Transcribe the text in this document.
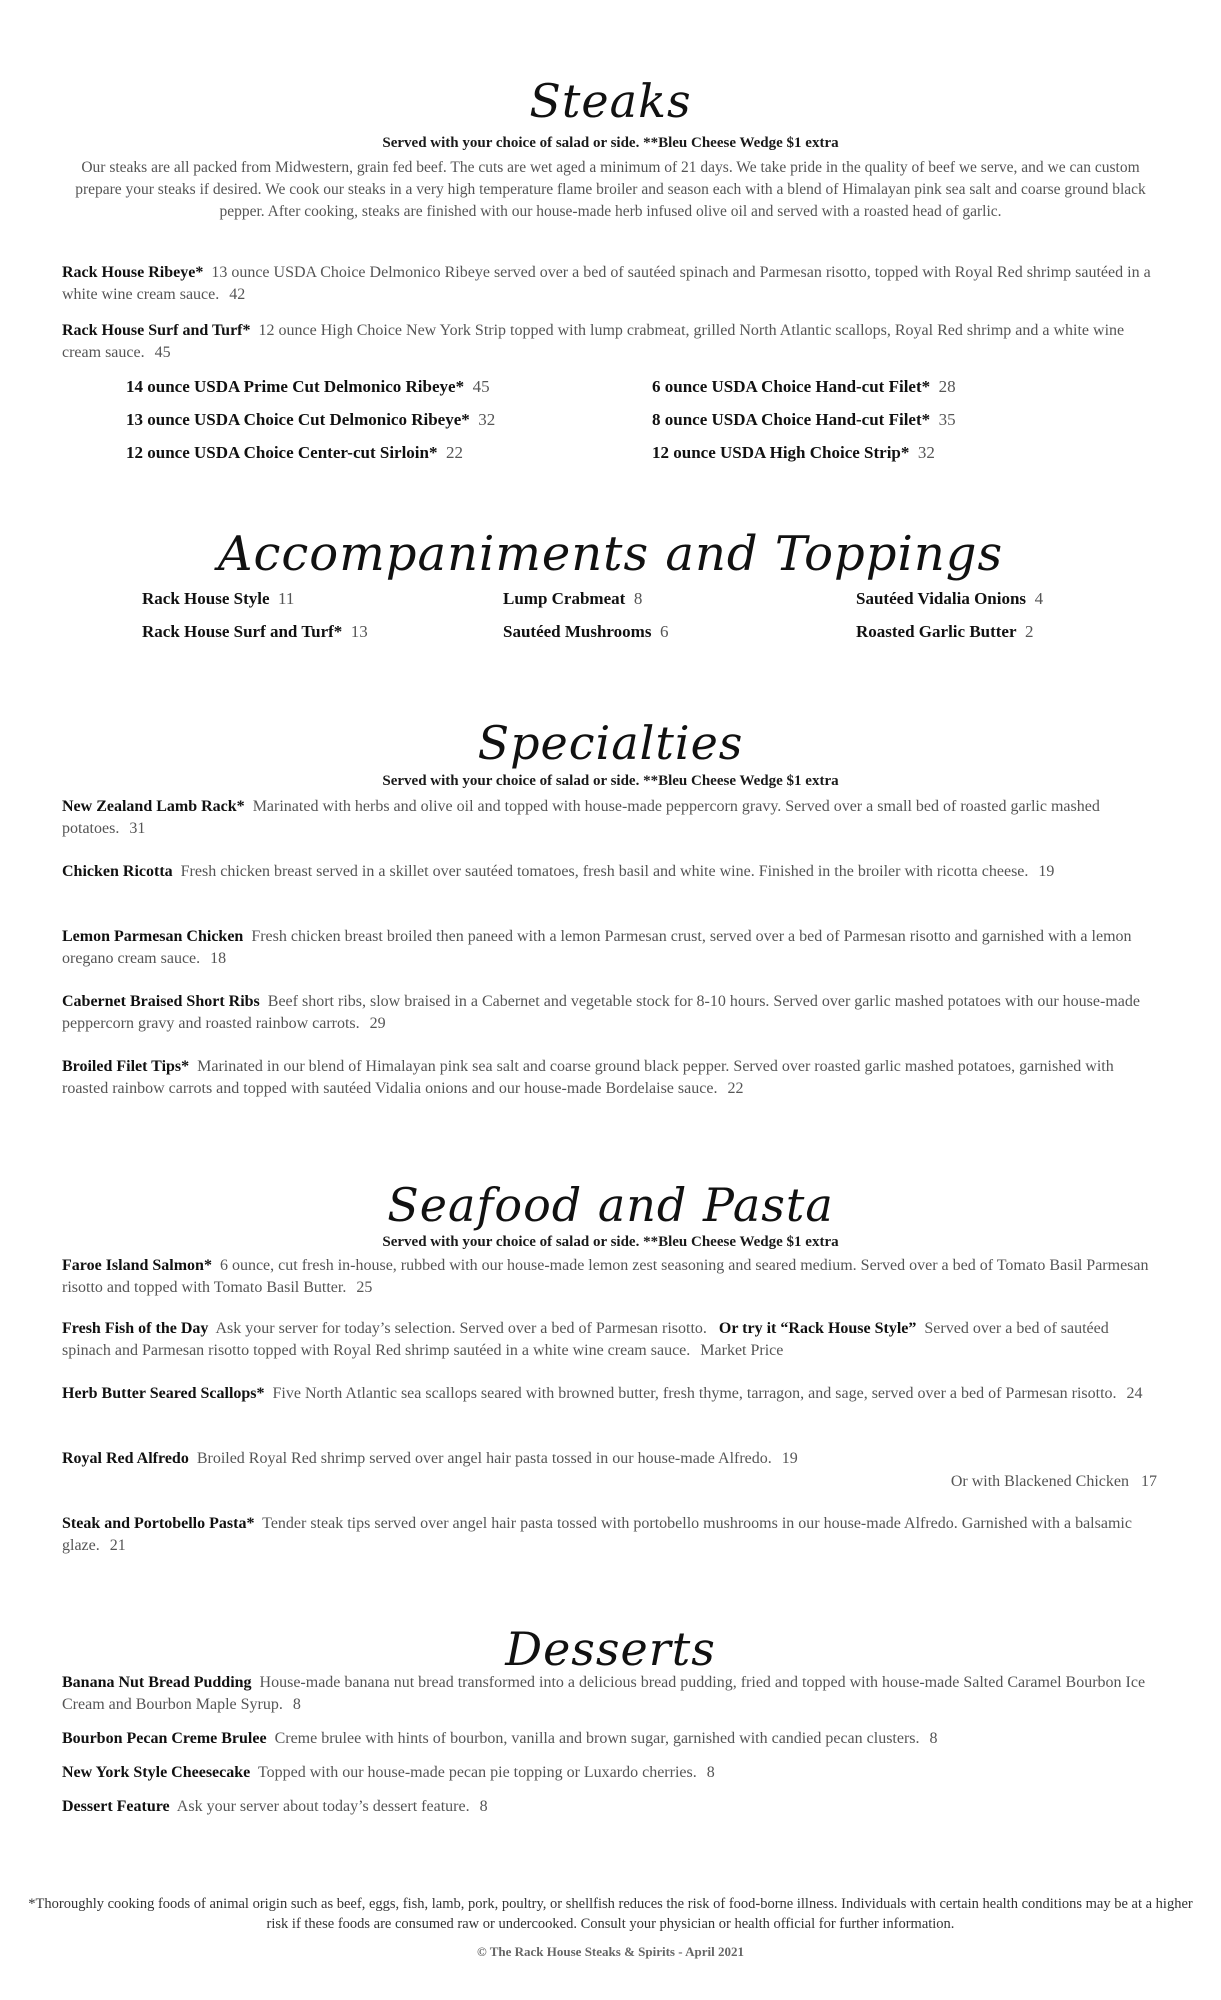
Steaks
Served with your choice of salad or side. **Bleu Cheese Wedge $1 extra
Our steaks are all packed from Midwestern, grain fed beef. The cuts are wet aged a minimum of 21 days. We take pride in the quality of beef we serve, and we can custom prepare your steaks if desired. We cook our steaks in a very high temperature flame broiler and season each with a blend of Himalayan pink sea salt and coarse ground black pepper. After cooking, steaks are finished with our house-made herb infused olive oil and served with a roasted head of garlic.
Rack House Ribeye* 13 ounce USDA Choice Delmonico Ribeye served over a bed of sautéed spinach and Parmesan risotto, topped with Royal Red shrimp sautéed in a white wine cream sauce. 42
Rack House Surf and Turf* 12 ounce High Choice New York Strip topped with lump crabmeat, grilled North Atlantic scallops, Royal Red shrimp and a white wine cream sauce. 45
14 ounce USDA Prime Cut Delmonico Ribeye* 45
13 ounce USDA Choice Cut Delmonico Ribeye* 32
12 ounce USDA Choice Center-cut Sirloin* 22
6 ounce USDA Choice Hand-cut Filet* 28
8 ounce USDA Choice Hand-cut Filet* 35
12 ounce USDA High Choice Strip* 32
Accompaniments and Toppings
Rack House Style 11
Rack House Surf and Turf* 13
Lump Crabmeat 8
Sautéed Mushrooms 6
Sautéed Vidalia Onions 4
Roasted Garlic Butter 2
Specialties
Served with your choice of salad or side. **Bleu Cheese Wedge $1 extra
New Zealand Lamb Rack* Marinated with herbs and olive oil and topped with house-made peppercorn gravy. Served over a small bed of roasted garlic mashed potatoes. 31
Chicken Ricotta Fresh chicken breast served in a skillet over sautéed tomatoes, fresh basil and white wine. Finished in the broiler with ricotta cheese. 19
Lemon Parmesan Chicken Fresh chicken breast broiled then paneed with a lemon Parmesan crust, served over a bed of Parmesan risotto and garnished with a lemon oregano cream sauce. 18
Cabernet Braised Short Ribs Beef short ribs, slow braised in a Cabernet and vegetable stock for 8-10 hours. Served over garlic mashed potatoes with our house-made peppercorn gravy and roasted rainbow carrots. 29
Broiled Filet Tips* Marinated in our blend of Himalayan pink sea salt and coarse ground black pepper. Served over roasted garlic mashed potatoes, garnished with roasted rainbow carrots and topped with sautéed Vidalia onions and our house-made Bordelaise sauce. 22
Seafood and Pasta
Served with your choice of salad or side. **Bleu Cheese Wedge $1 extra
Faroe Island Salmon* 6 ounce, cut fresh in-house, rubbed with our house-made lemon zest seasoning and seared medium. Served over a bed of Tomato Basil Parmesan risotto and topped with Tomato Basil Butter. 25
Fresh Fish of the Day Ask your server for today’s selection. Served over a bed of Parmesan risotto. Or try it “Rack House Style” Served over a bed of sautéed spinach and Parmesan risotto topped with Royal Red shrimp sautéed in a white wine cream sauce. Market Price
Herb Butter Seared Scallops* Five North Atlantic sea scallops seared with browned butter, fresh thyme, tarragon, and sage, served over a bed of Parmesan risotto. 24
Royal Red Alfredo Broiled Royal Red shrimp served over angel hair pasta tossed in our house-made Alfredo. 19
Or with Blackened Chicken 17
Steak and Portobello Pasta* Tender steak tips served over angel hair pasta tossed with portobello mushrooms in our house-made Alfredo. Garnished with a balsamic glaze. 21
Desserts
Banana Nut Bread Pudding House-made banana nut bread transformed into a delicious bread pudding, fried and topped with house-made Salted Caramel Bourbon Ice Cream and Bourbon Maple Syrup. 8
Bourbon Pecan Creme Brulee Creme brulee with hints of bourbon, vanilla and brown sugar, garnished with candied pecan clusters. 8
New York Style Cheesecake Topped with our house-made pecan pie topping or Luxardo cherries. 8
Dessert Feature Ask your server about today’s dessert feature. 8
*Thoroughly cooking foods of animal origin such as beef, eggs, fish, lamb, pork, poultry, or shellfish reduces the risk of food-borne illness. Individuals with certain health conditions may be at a higher risk if these foods are consumed raw or undercooked. Consult your physician or health official for further information.
© The Rack House Steaks & Spirits - April 2021
